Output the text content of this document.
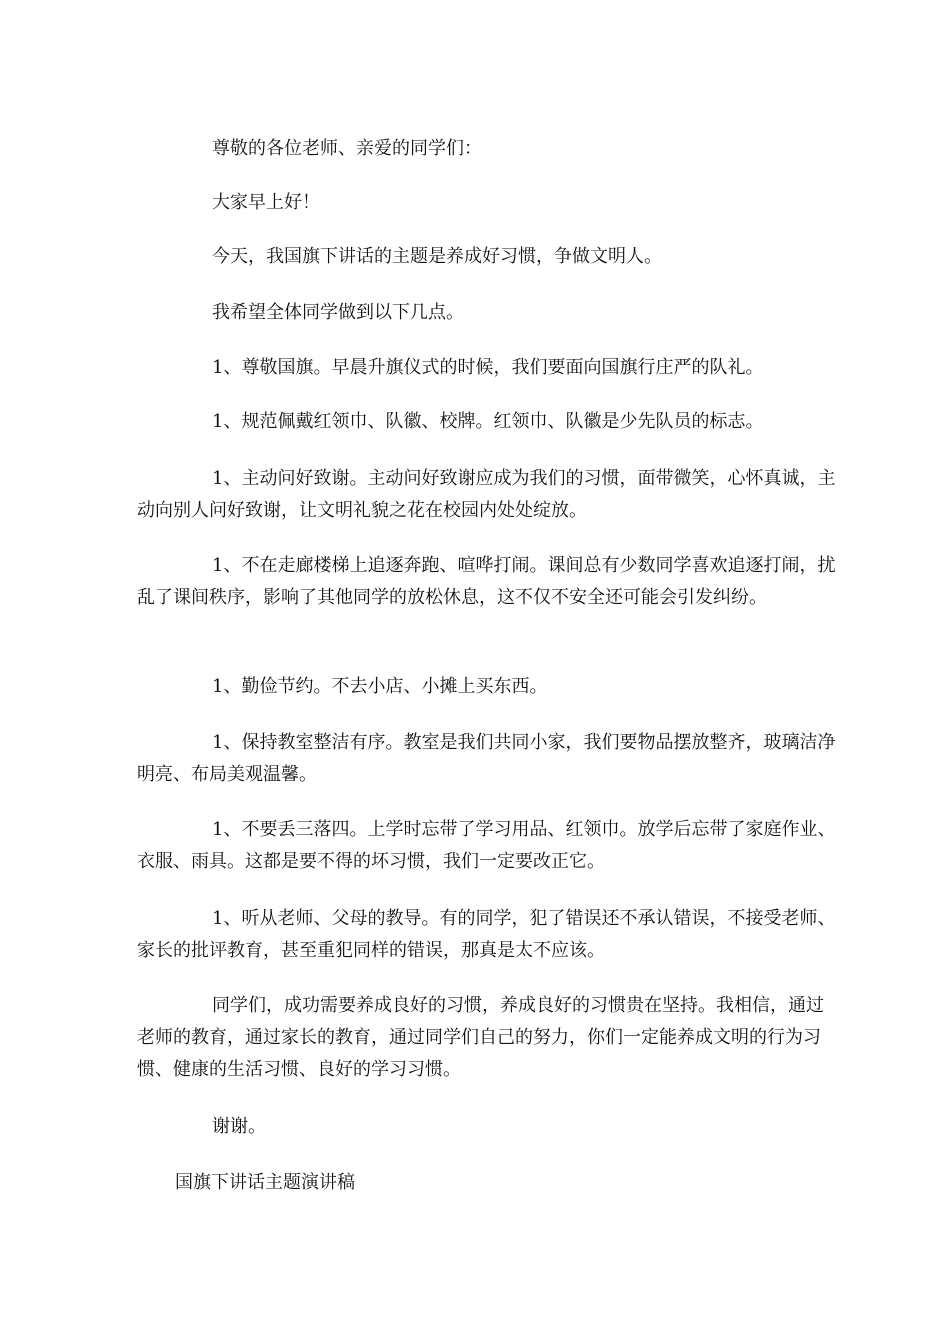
尊敬的各位老师、亲爱的同学们：

大家早上好！

今天，我国旗下讲话的主题是养成好习惯，争做文明人。

我希望全体同学做到以下几点。

1、尊敬国旗。早晨升旗仪式的时候，我们要面向国旗行庄严的队礼。

1、规范佩戴红领巾、队徽、校牌。红领巾、队徽是少先队员的标志。

1、主动问好致谢。主动问好致谢应成为我们的习惯，面带微笑，心怀真诚，主动向别人问好致谢，让文明礼貌之花在校园内处处绽放。

1、不在走廊楼梯上追逐奔跑、喧哗打闹。课间总有少数同学喜欢追逐打闹，扰乱了课间秩序，影响了其他同学的放松休息，这不仅不安全还可能会引发纠纷。

1、勤俭节约。不去小店、小摊上买东西。

1、保持教室整洁有序。教室是我们共同小家，我们要物品摆放整齐，玻璃洁净明亮、布局美观温馨。

1、不要丢三落四。上学时忘带了学习用品、红领巾。放学后忘带了家庭作业、衣服、雨具。这都是要不得的坏习惯，我们一定要改正它。

1、听从老师、父母的教导。有的同学，犯了错误还不承认错误，不接受老师、家长的批评教育，甚至重犯同样的错误，那真是太不应该。

同学们，成功需要养成良好的习惯，养成良好的习惯贵在坚持。我相信，通过老师的教育，通过家长的教育，通过同学们自己的努力，你们一定能养成文明的行为习惯、健康的生活习惯、良好的学习习惯。

谢谢。

国旗下讲话主题演讲稿
